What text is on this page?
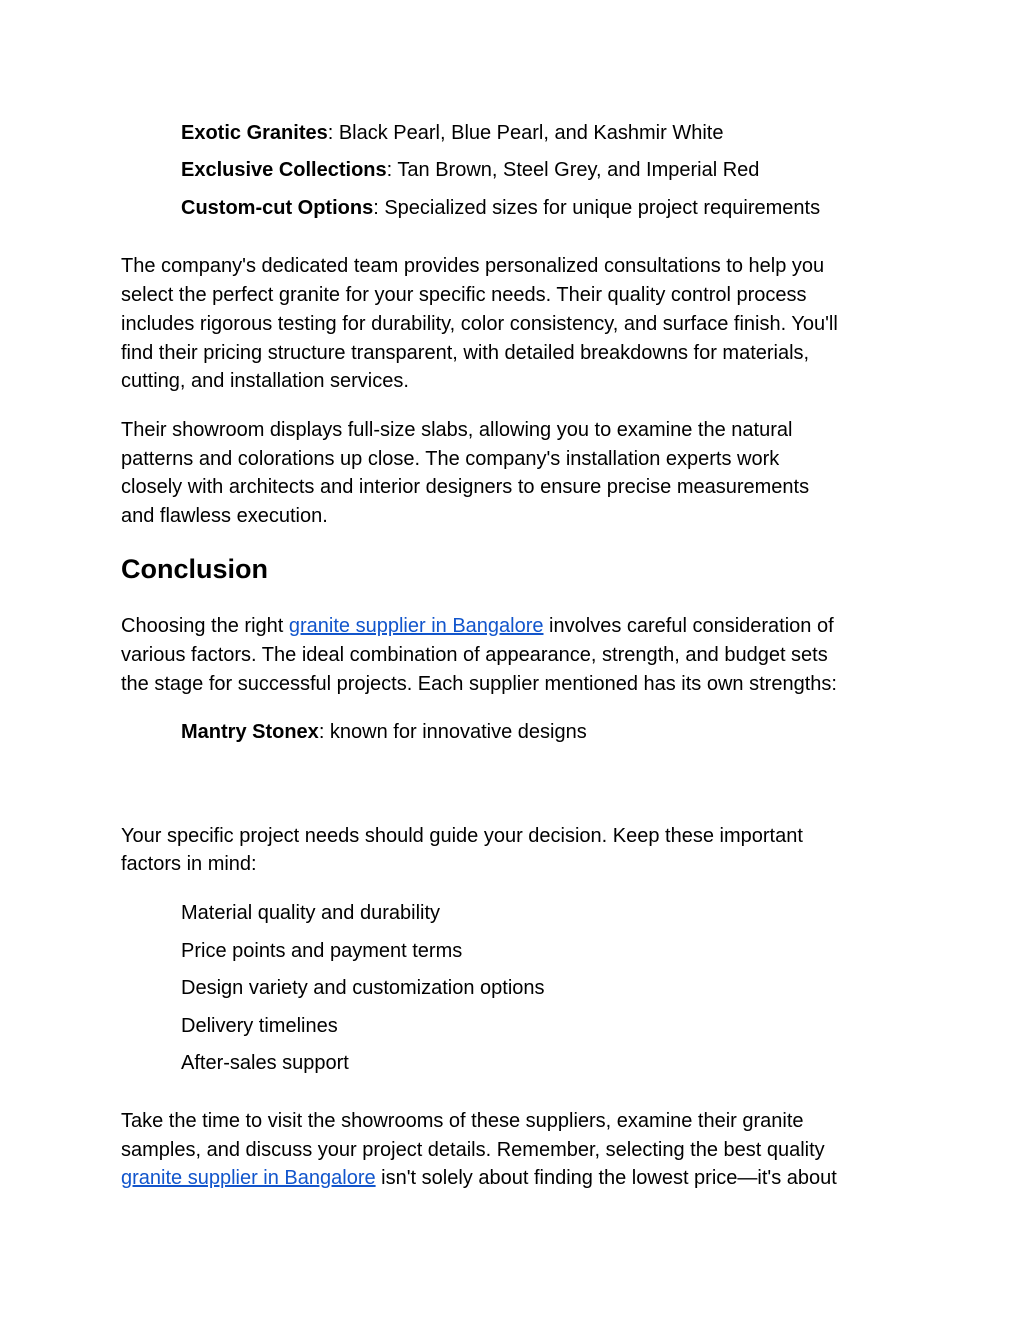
Exotic Granites: Black Pearl, Blue Pearl, and Kashmir White
Exclusive Collections: Tan Brown, Steel Grey, and Imperial Red
Custom-cut Options: Specialized sizes for unique project requirements
The company's dedicated team provides personalized consultations to help you
select the perfect granite for your specific needs. Their quality control process
includes rigorous testing for durability, color consistency, and surface finish. You'll
find their pricing structure transparent, with detailed breakdowns for materials,
cutting, and installation services.
Their showroom displays full-size slabs, allowing you to examine the natural
patterns and colorations up close. The company's installation experts work
closely with architects and interior designers to ensure precise measurements
and flawless execution.
Conclusion
Choosing the right granite supplier in Bangalore involves careful consideration of
various factors. The ideal combination of appearance, strength, and budget sets
the stage for successful projects. Each supplier mentioned has its own strengths:
Mantry Stonex: known for innovative designs
Your specific project needs should guide your decision. Keep these important
factors in mind:
Material quality and durability
Price points and payment terms
Design variety and customization options
Delivery timelines
After-sales support
Take the time to visit the showrooms of these suppliers, examine their granite
samples, and discuss your project details. Remember, selecting the best quality
granite supplier in Bangalore isn't solely about finding the lowest price—it's about
